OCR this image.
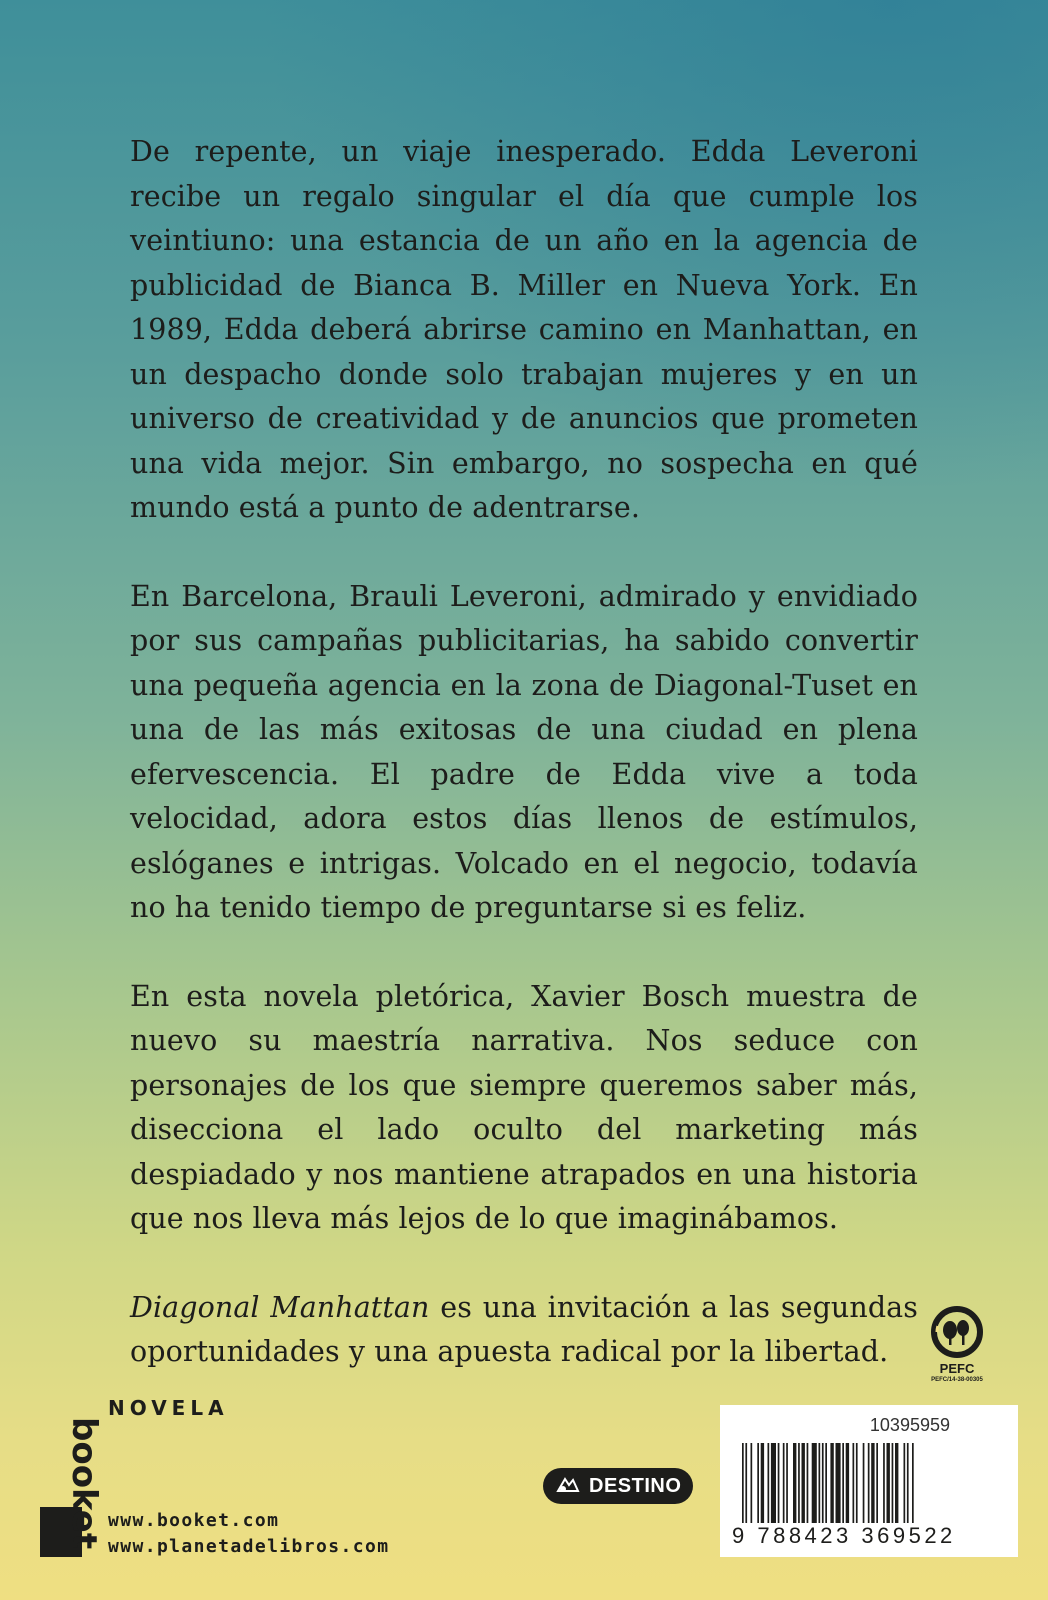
De repente, un viaje inesperado. Edda Leveroni recibe un regalo singular el día que cumple los veintiuno: una estancia de un año en la agencia de publicidad de Bianca B. Miller en Nueva York. En 1989, Edda deberá abrirse camino en Manhattan, en un despacho donde solo trabajan mujeres y en un universo de creatividad y de anuncios que prometen una vida mejor. Sin embargo, no sospecha en qué mundo está a punto de adentrarse.

En Barcelona, Brauli Leveroni, admirado y envidiado por sus campañas publicitarias, ha sabido convertir una pequeña agencia en la zona de Diagonal-Tuset en una de las más exitosas de una ciudad en plena efervescencia. El padre de Edda vive a toda velocidad, adora estos días llenos de estímulos, eslóganes e intrigas. Volcado en el negocio, todavía no ha tenido tiempo de preguntarse si es feliz.

En esta novela pletórica, Xavier Bosch muestra de nuevo su maestría narrativa. Nos seduce con personajes de los que siempre queremos saber más, disecciona el lado oculto del marketing más despiadado y nos mantiene atrapados en una historia que nos lleva más lejos de lo que imaginábamos.

Diagonal Manhattan es una invitación a las segundas oportunidades y una apuesta radical por la libertad.

PEFC
PEFC/14-38-00305
NOVELA
booket www.booket.com
www.planetadelibros.com
DESTINO
10395959
9 788423 369522
